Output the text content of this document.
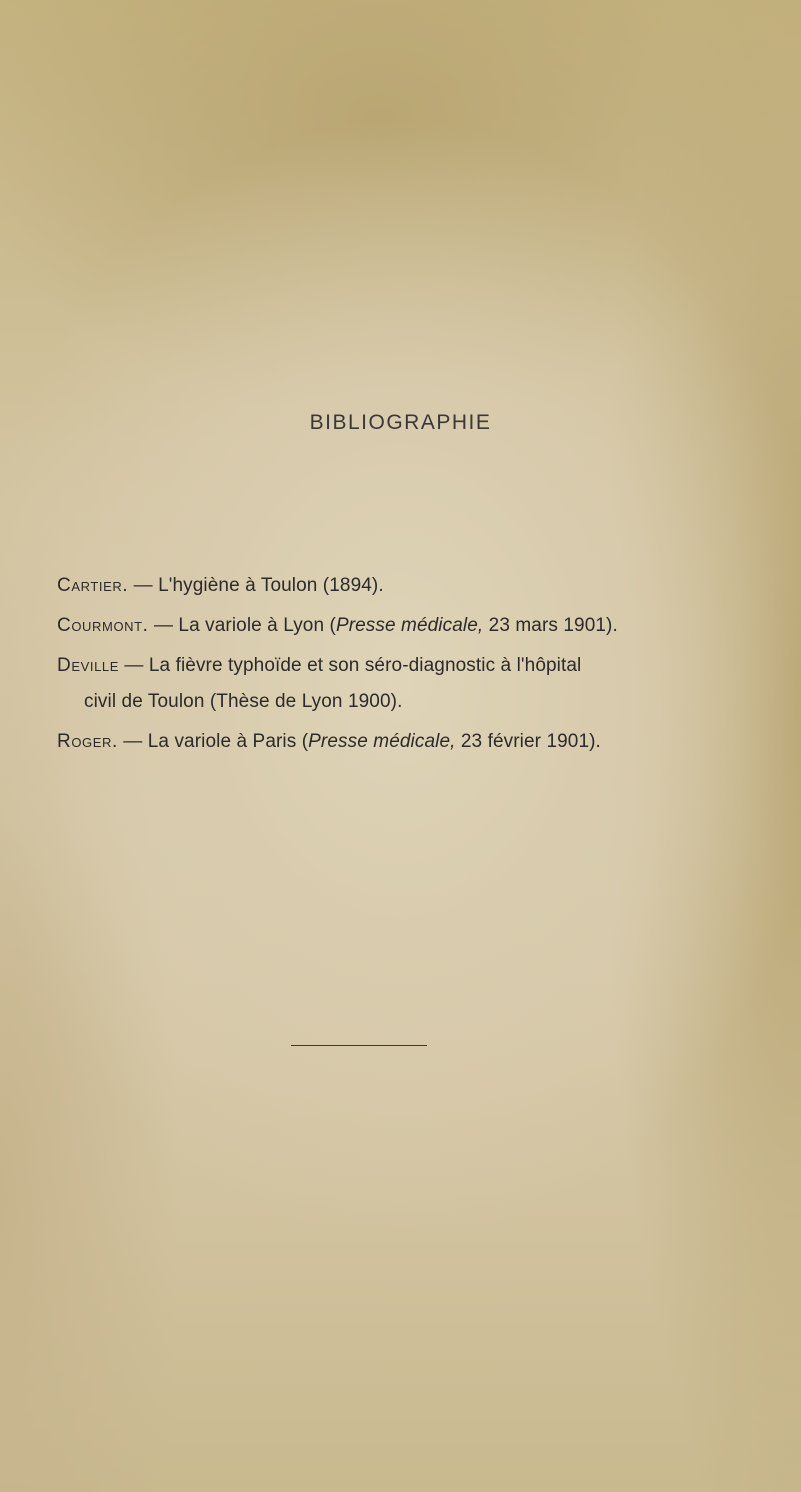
BIBLIOGRAPHIE
Cartier. — L'hygiène à Toulon (1894).
Courmont. — La variole à Lyon (Presse médicale, 23 mars 1901).
Deville — La fièvre typhoïde et son séro-diagnostic à l'hôpital
civil de Toulon (Thèse de Lyon 1900).
Roger. — La variole à Paris (Presse médicale, 23 février 1901).
